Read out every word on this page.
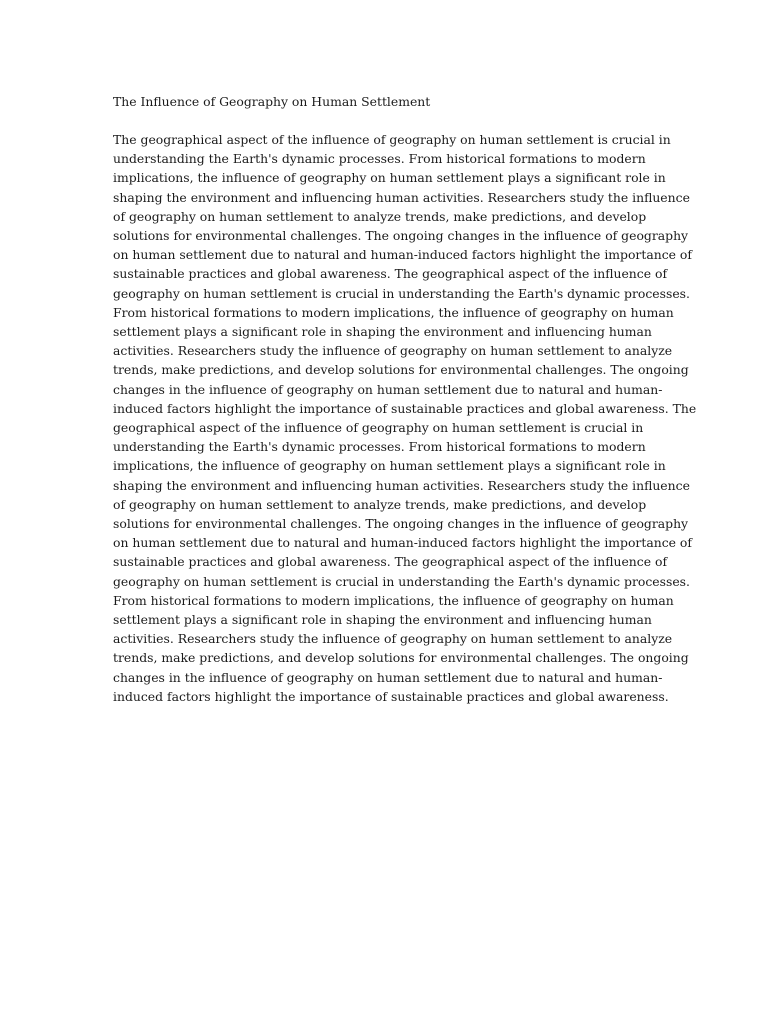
The Influence of Geography on Human Settlement
The geographical aspect of the influence of geography on human settlement is crucial in
understanding the Earth's dynamic processes. From historical formations to modern
implications, the influence of geography on human settlement plays a significant role in
shaping the environment and influencing human activities. Researchers study the influence
of geography on human settlement to analyze trends, make predictions, and develop
solutions for environmental challenges. The ongoing changes in the influence of geography
on human settlement due to natural and human-induced factors highlight the importance of
sustainable practices and global awareness. The geographical aspect of the influence of
geography on human settlement is crucial in understanding the Earth's dynamic processes.
From historical formations to modern implications, the influence of geography on human
settlement plays a significant role in shaping the environment and influencing human
activities. Researchers study the influence of geography on human settlement to analyze
trends, make predictions, and develop solutions for environmental challenges. The ongoing
changes in the influence of geography on human settlement due to natural and human-
induced factors highlight the importance of sustainable practices and global awareness. The
geographical aspect of the influence of geography on human settlement is crucial in
understanding the Earth's dynamic processes. From historical formations to modern
implications, the influence of geography on human settlement plays a significant role in
shaping the environment and influencing human activities. Researchers study the influence
of geography on human settlement to analyze trends, make predictions, and develop
solutions for environmental challenges. The ongoing changes in the influence of geography
on human settlement due to natural and human-induced factors highlight the importance of
sustainable practices and global awareness. The geographical aspect of the influence of
geography on human settlement is crucial in understanding the Earth's dynamic processes.
From historical formations to modern implications, the influence of geography on human
settlement plays a significant role in shaping the environment and influencing human
activities. Researchers study the influence of geography on human settlement to analyze
trends, make predictions, and develop solutions for environmental challenges. The ongoing
changes in the influence of geography on human settlement due to natural and human-
induced factors highlight the importance of sustainable practices and global awareness.
